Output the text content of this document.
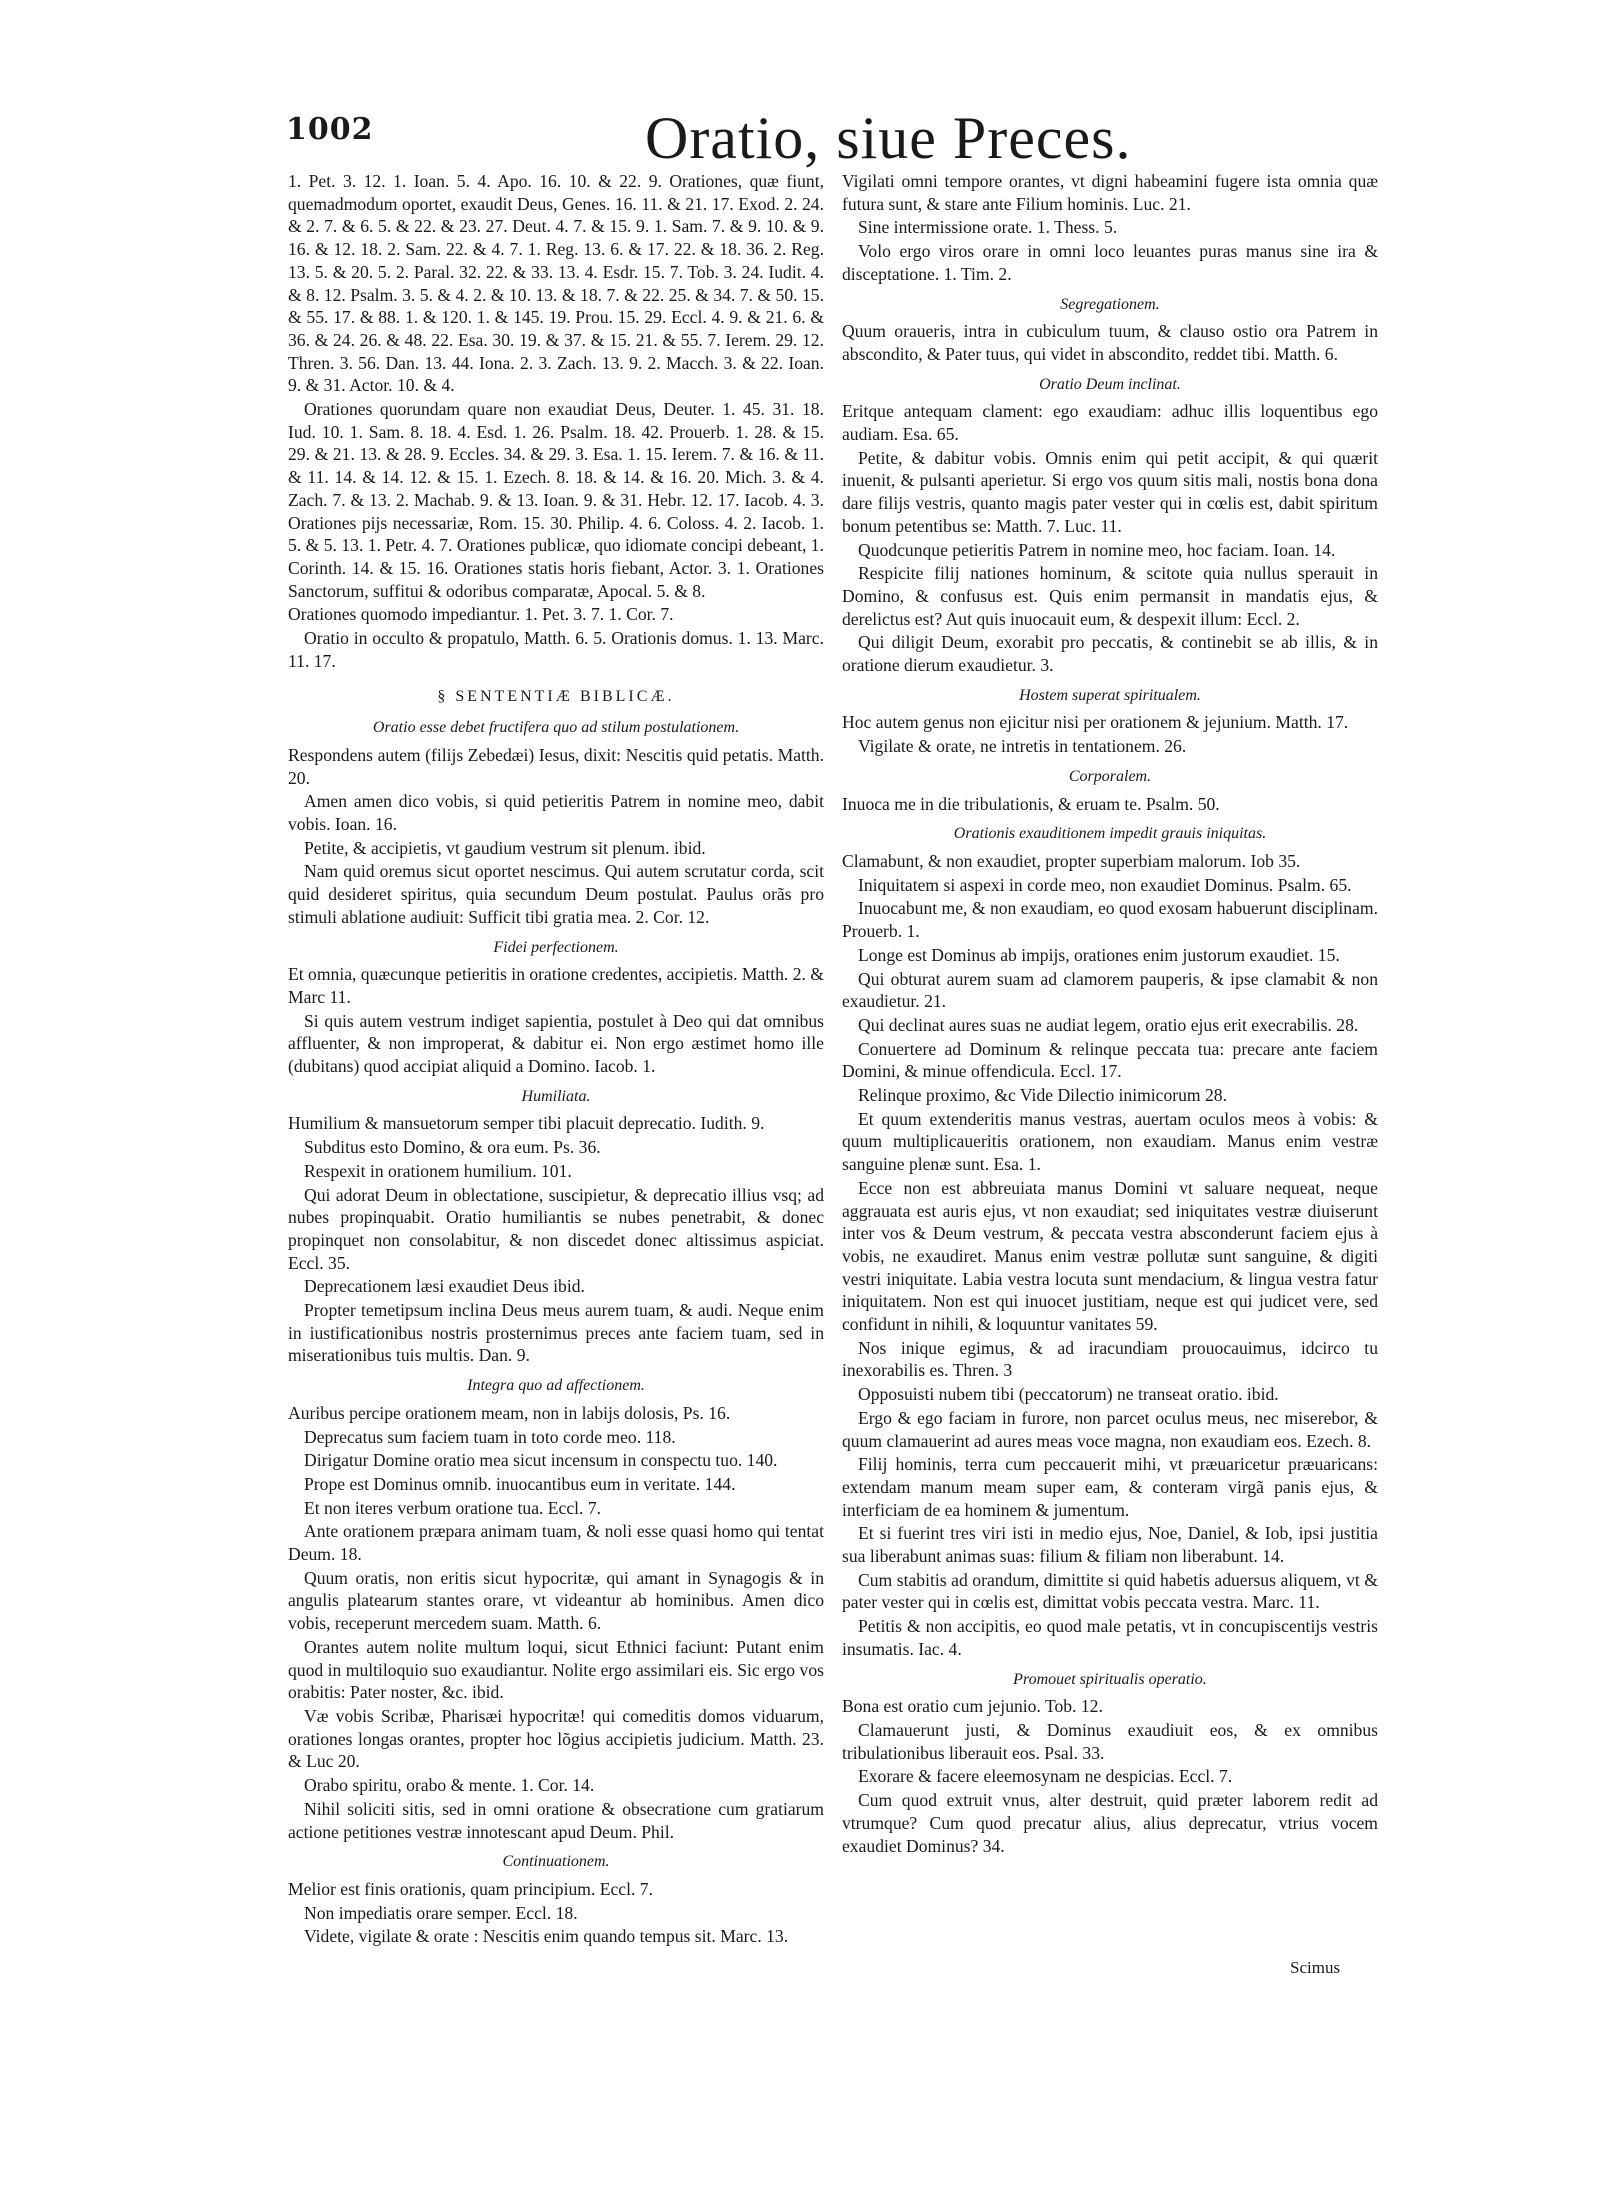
1002	Oratio, siue Preces.

1. Pet. 3. 12. 1. Ioan. 5. 4. Apo. 16. 10. & 22. 9. Orationes, quæ fiunt, quemadmodum oportet, exaudit Deus, Genes. 16. 11. & 21. 17. Exod. 2. 24. & 2. 7. & 6. 5. & 22. & 23. 27. Deut. 4. 7. & 15. 9. 1. Sam. 7. & 9. 10. & 9. 16. & 12. 18. 2. Sam. 22. & 4. 7. 1. Reg. 13. 6. & 17. 22. & 18. 36. 2. Reg. 13. 5. & 20. 5. 2. Paral. 32. 22. & 33. 13. 4. Esdr. 15. 7. Tob. 3. 24. Iudit. 4. & 8. 12. Psalm. 3. 5. & 4. 2. & 10. 13. & 18. 7. & 22. 25. & 34. 7. & 50. 15. & 55. 17. & 88. 1. & 120. 1. & 145. 19. Prou. 15. 29. Eccl. 4. 9. & 21. 6. & 36. & 24. 26. & 48. 22. Esa. 30. 19. & 37. & 15. 21. & 55. 7. Ierem. 29. 12. Thren. 3. 56. Dan. 13. 44. Iona. 2. 3. Zach. 13. 9. 2. Macch. 3. & 22. Ioan. 9. & 31. Actor. 10. & 4.

Orationes quorundam quare non exaudiat Deus, Deuter. 1. 45. 31. 18. Iud. 10. 1. Sam. 8. 18. 4. Esd. 1. 26. Psalm. 18. 42. Prouerb. 1. 28. & 15. 29. & 21. 13. & 28. 9. Eccles. 34. & 29. 3. Esa. 1. 15. Ierem. 7. & 16. & 11. & 11. 14. & 14. 12. & 15. 1. Ezech. 8. 18. & 14. & 16. 20. Mich. 3. & 4. Zach. 7. & 13. 2. Machab. 9. & 13. Ioan. 9. & 31. Hebr. 12. 17. Iacob. 4. 3. Orationes pijs necessariæ, Rom. 15. 30. Philip. 4. 6. Coloss. 4. 2. Iacob. 1. 5. & 5. 13. 1. Petr. 4. 7. Orationes publicæ, quo idiomate concipi debeant, 1. Corinth. 14. & 15. 16. Orationes statis horis fiebant, Actor. 3. 1. Orationes Sanctorum, suffitui & odoribus comparatæ, Apocal. 5. & 8.

Orationes quomodo impediantur. 1. Pet. 3. 7. 1. Cor. 7.

Oratio in occulto & propatulo, Matth. 6. 5. Orationis domus. 1. 13. Marc. 11. 17.

§ SENTENTIÆ BIBLICÆ.
Oratio esse debet fructifera quo ad stilum postulationem.

Respondens autem (filijs Zebedæi) Iesus, dixit: Nescitis quid petatis. Matth. 20.

Amen amen dico vobis, si quid petieritis Patrem in nomine meo, dabit vobis. Ioan. 16.

Petite, & accipietis, vt gaudium vestrum sit plenum. ibid.

Nam quid oremus sicut oportet nescimus. Qui autem scrutatur corda, scit quid desideret spiritus, quia secundum Deum postulat. Paulus orãs pro stimuli ablatione audiuit: Sufficit tibi gratia mea. 2. Cor. 12.

Fidei perfectionem.

Et omnia, quæcunque petieritis in oratione credentes, accipietis. Matth. 2. & Marc 11.

Si quis autem vestrum indiget sapientia, postulet à Deo qui dat omnibus affluenter, & non improperat, & dabitur ei. Non ergo æstimet homo ille (dubitans) quod accipiat aliquid a Domino. Iacob. 1.

Humiliata.

Humilium & mansuetorum semper tibi placuit deprecatio. Iudith. 9.

Subditus esto Domino, & ora eum. Ps. 36.

Respexit in orationem humilium. 101.

Qui adorat Deum in oblectatione, suscipietur, & deprecatio illius vsq; ad nubes propinquabit. Oratio humiliantis se nubes penetrabit, & donec propinquet non consolabitur, & non discedet donec altissimus aspiciat. Eccl. 35.

Deprecationem læsi exaudiet Deus ibid.

Propter temetipsum inclina Deus meus aurem tuam, & audi. Neque enim in iustificationibus nostris prosternimus preces ante faciem tuam, sed in miserationibus tuis multis. Dan. 9.

Integra quo ad affectionem.

Auribus percipe orationem meam, non in labijs dolosis, Ps. 16.

Deprecatus sum faciem tuam in toto corde meo. 118.

Dirigatur Domine oratio mea sicut incensum in conspectu tuo. 140.

Prope est Dominus omnib. inuocantibus eum in veritate. 144.

Et non iteres verbum oratione tua. Eccl. 7.

Ante orationem præpara animam tuam, & noli esse quasi homo qui tentat Deum. 18.

Quum oratis, non eritis sicut hypocritæ, qui amant in Synagogis & in angulis platearum stantes orare, vt videantur ab hominibus. Amen dico vobis, receperunt mercedem suam. Matth. 6.

Orantes autem nolite multum loqui, sicut Ethnici faciunt: Putant enim quod in multiloquio suo exaudiantur. Nolite ergo assimilari eis. Sic ergo vos orabitis: Pater noster, &c. ibid.

Væ vobis Scribæ, Pharisæi hypocritæ! qui comeditis domos viduarum, orationes longas orantes, propter hoc lõgius accipietis judicium. Matth. 23. & Luc 20.

Orabo spiritu, orabo & mente. 1. Cor. 14.

Nihil soliciti sitis, sed in omni oratione & obsecratione cum gratiarum actione petitiones vestræ innotescant apud Deum. Phil.

Continuationem.

Melior est finis orationis, quam principium. Eccl. 7.

Non impediatis orare semper. Eccl. 18.

Videte, vigilate & orate : Nescitis enim quando tempus sit. Marc. 13.

Vigilati omni tempore orantes, vt digni habeamini fugere ista omnia quæ futura sunt, & stare ante Filium hominis. Luc. 21.

Sine intermissione orate. 1. Thess. 5.

Volo ergo viros orare in omni loco leuantes puras manus sine ira & disceptatione. 1. Tim. 2.

Segregationem.

Quum oraueris, intra in cubiculum tuum, & clauso ostio ora Patrem in abscondito, & Pater tuus, qui videt in abscondito, reddet tibi. Matth. 6.

Oratio Deum inclinat.

Eritque antequam clament: ego exaudiam: adhuc illis loquentibus ego audiam. Esa. 65.

Petite, & dabitur vobis. Omnis enim qui petit accipit, & qui quærit inuenit, & pulsanti aperietur. Si ergo vos quum sitis mali, nostis bona dona dare filijs vestris, quanto magis pater vester qui in cœlis est, dabit spiritum bonum petentibus se: Matth. 7. Luc. 11.

Quodcunque petieritis Patrem in nomine meo, hoc faciam. Ioan. 14.

Respicite filij nationes hominum, & scitote quia nullus sperauit in Domino, & confusus est. Quis enim permansit in mandatis ejus, & derelictus est? Aut quis inuocauit eum, & despexit illum: Eccl. 2.

Qui diligit Deum, exorabit pro peccatis, & continebit se ab illis, & in oratione dierum exaudietur. 3.

Hostem superat spiritualem.

Hoc autem genus non ejicitur nisi per orationem & jejunium. Matth. 17.

Vigilate & orate, ne intretis in tentationem. 26.

Corporalem.

Inuoca me in die tribulationis, & eruam te. Psalm. 50.

Orationis exauditionem impedit grauis iniquitas.

Clamabunt, & non exaudiet, propter superbiam malorum. Iob 35.

Iniquitatem si aspexi in corde meo, non exaudiet Dominus. Psalm. 65.

Inuocabunt me, & non exaudiam, eo quod exosam habuerunt disciplinam. Prouerb. 1.

Longe est Dominus ab impijs, orationes enim justorum exaudiet. 15.

Qui obturat aurem suam ad clamorem pauperis, & ipse clamabit & non exaudietur. 21.

Qui declinat aures suas ne audiat legem, oratio ejus erit execrabilis. 28.

Conuertere ad Dominum & relinque peccata tua: precare ante faciem Domini, & minue offendicula. Eccl. 17.

Relinque proximo, &c Vide Dilectio inimicorum 28.

Et quum extenderitis manus vestras, auertam oculos meos à vobis: & quum multiplicaueritis orationem, non exaudiam. Manus enim vestræ sanguine plenæ sunt. Esa. 1.

Ecce non est abbreuiata manus Domini vt saluare nequeat, neque aggrauata est auris ejus, vt non exaudiat; sed iniquitates vestræ diuiserunt inter vos & Deum vestrum, & peccata vestra absconderunt faciem ejus à vobis, ne exaudiret. Manus enim vestræ pollutæ sunt sanguine, & digiti vestri iniquitate. Labia vestra locuta sunt mendacium, & lingua vestra fatur iniquitatem. Non est qui inuocet justitiam, neque est qui judicet vere, sed confidunt in nihili, & loquuntur vanitates 59.

Nos inique egimus, & ad iracundiam prouocauimus, idcirco tu inexorabilis es. Thren. 3

Opposuisti nubem tibi (peccatorum) ne transeat oratio. ibid.

Ergo & ego faciam in furore, non parcet oculus meus, nec miserebor, & quum clamauerint ad aures meas voce magna, non exaudiam eos. Ezech. 8.

Filij hominis, terra cum peccauerit mihi, vt præuaricetur præuaricans: extendam manum meam super eam, & conteram virgã panis ejus, & interficiam de ea hominem & jumentum.

Et si fuerint tres viri isti in medio ejus, Noe, Daniel, & Iob, ipsi justitia sua liberabunt animas suas: filium & filiam non liberabunt. 14.

Cum stabitis ad orandum, dimittite si quid habetis aduersus aliquem, vt & pater vester qui in cœlis est, dimittat vobis peccata vestra. Marc. 11.

Petitis & non accipitis, eo quod male petatis, vt in concupiscentijs vestris insumatis. Iac. 4.

Promouet spiritualis operatio.

Bona est oratio cum jejunio. Tob. 12.

Clamauerunt justi, & Dominus exaudiuit eos, & ex omnibus tribulationibus liberauit eos. Psal. 33.

Exorare & facere eleemosynam ne despicias. Eccl. 7.

Cum quod extruit vnus, alter destruit, quid præter laborem redit ad vtrumque? Cum quod precatur alius, alius deprecatur, vtrius vocem exaudiet Dominus? 34.

Scimus
